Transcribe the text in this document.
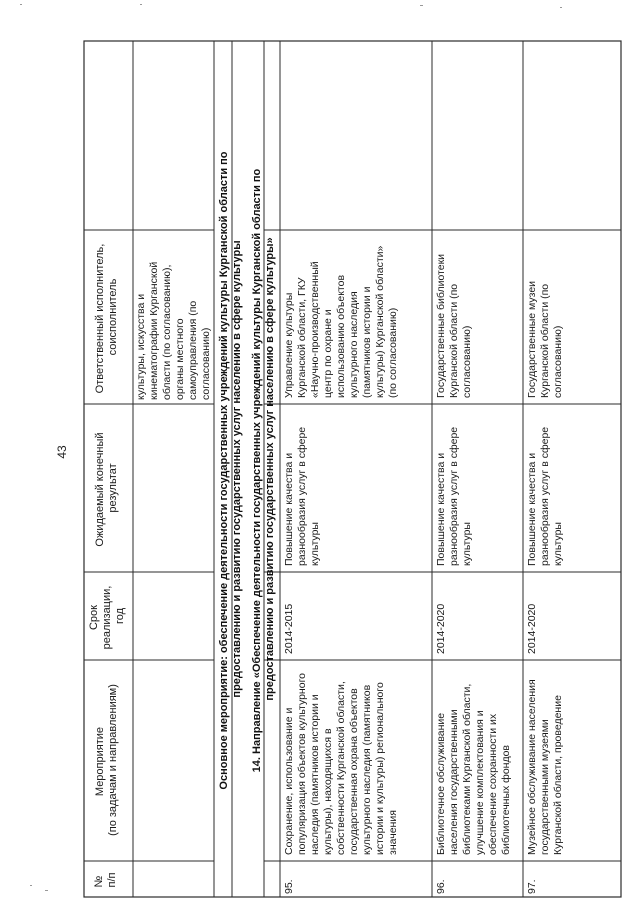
43
№ п/п
Мероприятие (по задачам и направлениям)
Срок реализации, год
Ожидаемый конечный результат
Ответственный исполнитель, соисполнитель культуры, искусства и кинематографии Курганской области (по согласованию), органы местного самоуправления (по согласованию) Основное мероприятие: обеспечение деятельности государственных учреждений культуры Курганской области по предоставлению и развитию государственных услуг населению в сфере культуры 14. Направление «Обеспечение деятельности государственных учреждений культуры Курганской области по предоставлению и развитию государственных услуг населению в сфере культуры»
95.
Сохранение, использование и популяризация объектов культурного наследия (памятников истории и культуры), находящихся в собственности Курганской области, государственная охрана объектов культурного наследия (памятников истории и культуры) регионального значения
2014-2015
Повышение качества и разнообразия услуг в сфере культуры
Управление культуры Курганской области, ГКУ «Научно-производственный центр по охране и использованию объектов культурного наследия (памятников истории и культуры) Курганской области» (по согласованию)
96.
Библиотечное обслуживание населения государственными библиотеками Курганской области, улучшение комплектования и обеспечение сохранности их библиотечных фондов
2014-2020
Повышение качества и разнообразия услуг в сфере культуры
Государственные библиотеки Курганской области (по согласованию)
97.
Музейное обслуживание населения государственными музеями Курганской области, проведение
2014-2020
Повышение качества и разнообразия услуг в сфере культуры
Государственные музеи Курганской области (по согласованию)
